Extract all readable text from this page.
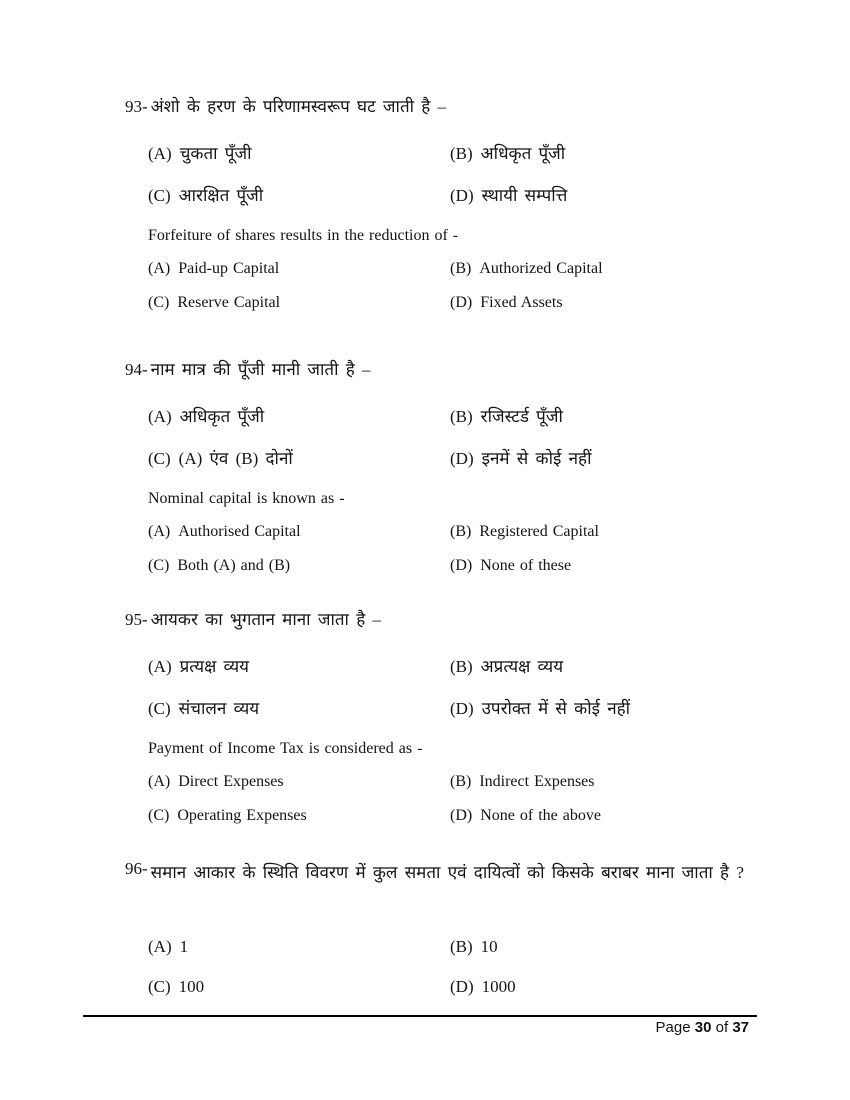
93- अंशो के हरण के परिणामस्वरूप घट जाती है –
(A) चुकता पूँजी	(B) अधिकृत पूँजी
(C) आरक्षित पूँजी	(D) स्थायी सम्पत्ति
Forfeiture of shares results in the reduction of -
(A) Paid-up Capital	(B) Authorized Capital
(C) Reserve Capital	(D) Fixed Assets
94- नाम मात्र की पूँजी मानी जाती है –
(A) अधिकृत पूँजी	(B) रजिस्टर्ड पूँजी
(C) (A) एंव (B) दोनों	(D) इनमें से कोई नहीं
Nominal capital is known as -
(A) Authorised Capital	(B) Registered Capital
(C) Both (A) and (B)	(D) None of these
95- आयकर का भुगतान माना जाता है –
(A) प्रत्यक्ष व्यय	(B) अप्रत्यक्ष व्यय
(C) संचालन व्यय	(D) उपरोक्त में से कोई नहीं
Payment of Income Tax is considered as -
(A) Direct Expenses	(B) Indirect Expenses
(C) Operating Expenses	(D) None of the above
96- समान आकार के स्थिति विवरण में कुल समता एवं दायित्वों को किसके बराबर माना जाता है ?
(A) 1	(B) 10
(C) 100	(D) 1000
Page 30 of 37
